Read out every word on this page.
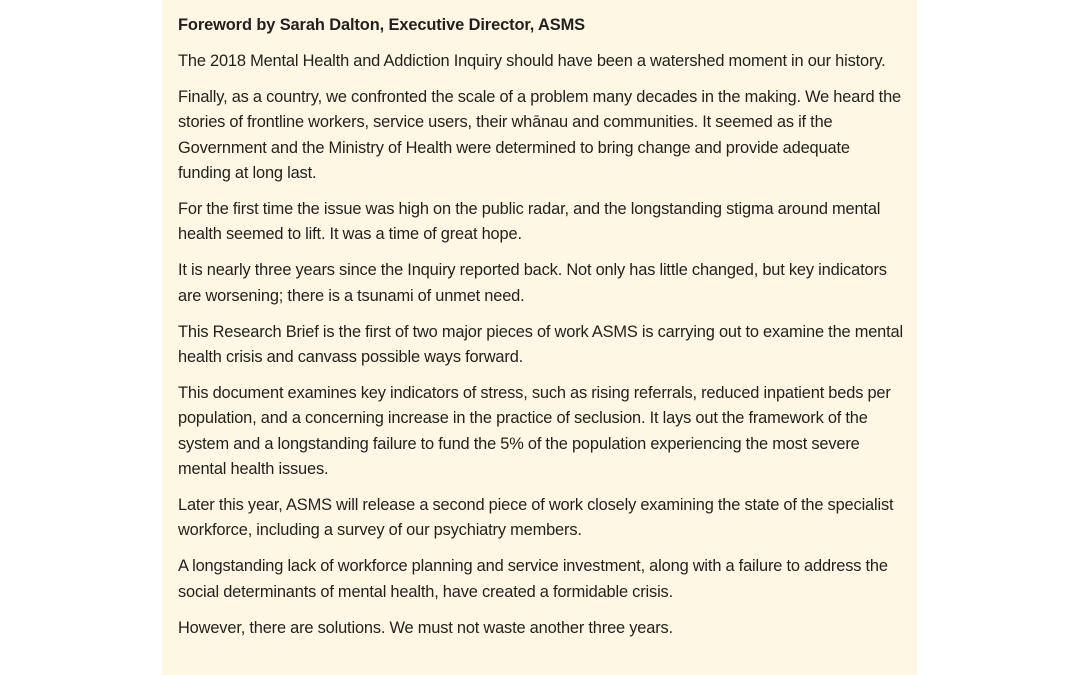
Foreword by Sarah Dalton, Executive Director, ASMS

The 2018 Mental Health and Addiction Inquiry should have been a watershed moment in our history.

Finally, as a country, we confronted the scale of a problem many decades in the making. We heard the stories of frontline workers, service users, their whānau and communities. It seemed as if the Government and the Ministry of Health were determined to bring change and provide adequate funding at long last.

For the first time the issue was high on the public radar, and the longstanding stigma around mental health seemed to lift. It was a time of great hope.

It is nearly three years since the Inquiry reported back. Not only has little changed, but key indicators are worsening; there is a tsunami of unmet need.

This Research Brief is the first of two major pieces of work ASMS is carrying out to examine the mental health crisis and canvass possible ways forward.

This document examines key indicators of stress, such as rising referrals, reduced inpatient beds per population, and a concerning increase in the practice of seclusion. It lays out the framework of the system and a longstanding failure to fund the 5% of the population experiencing the most severe mental health issues.

Later this year, ASMS will release a second piece of work closely examining the state of the specialist workforce, including a survey of our psychiatry members.

A longstanding lack of workforce planning and service investment, along with a failure to address the social determinants of mental health, have created a formidable crisis.

However, there are solutions. We must not waste another three years.
